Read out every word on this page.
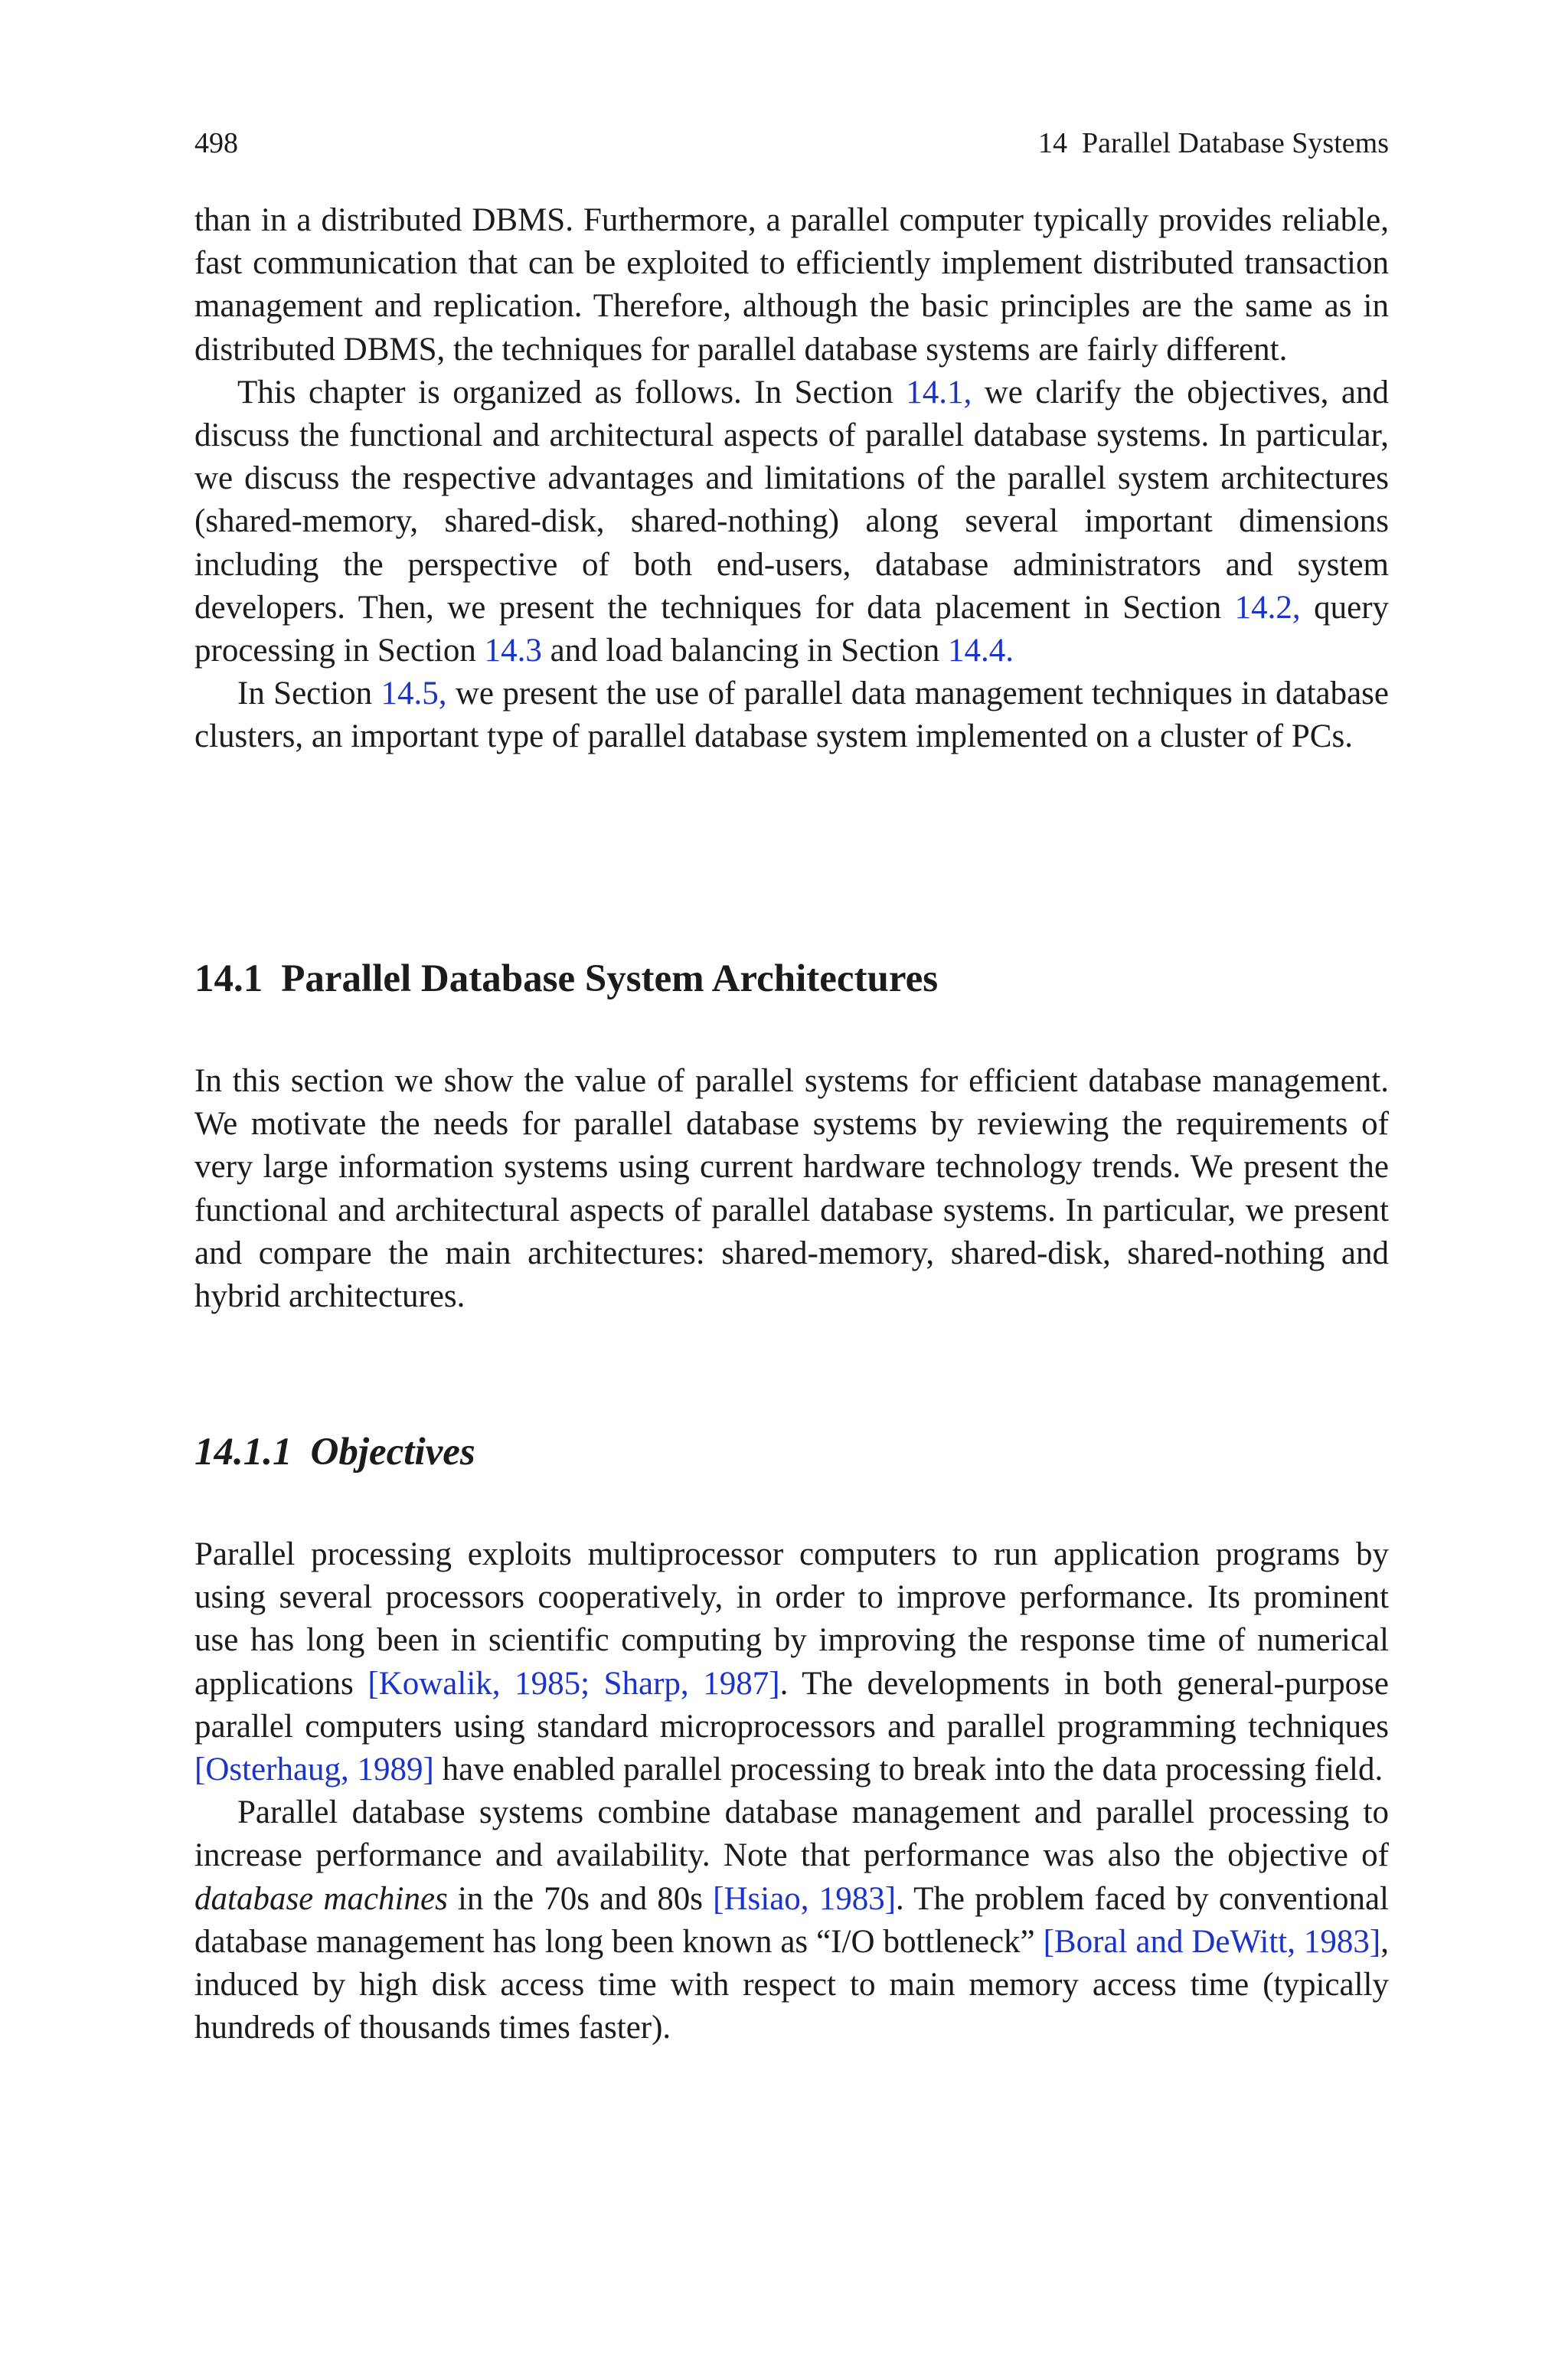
498	14  Parallel Database Systems

than in a distributed DBMS. Furthermore, a parallel computer typically provides reliable, fast communication that can be exploited to efficiently implement distributed transaction management and replication. Therefore, although the basic principles are the same as in distributed DBMS, the techniques for parallel database systems are fairly different.

This chapter is organized as follows. In Section 14.1, we clarify the objectives, and discuss the functional and architectural aspects of parallel database systems. In particular, we discuss the respective advantages and limitations of the parallel system architectures (shared-memory, shared-disk, shared-nothing) along several important dimensions including the perspective of both end-users, database administrators and system developers. Then, we present the techniques for data placement in Section 14.2, query processing in Section 14.3 and load balancing in Section 14.4.

In Section 14.5, we present the use of parallel data management techniques in database clusters, an important type of parallel database system implemented on a cluster of PCs.

14.1 Parallel Database System Architectures

In this section we show the value of parallel systems for efficient database management. We motivate the needs for parallel database systems by reviewing the requirements of very large information systems using current hardware technology trends. We present the functional and architectural aspects of parallel database systems. In particular, we present and compare the main architectures: shared-memory, shared-disk, shared-nothing and hybrid architectures.

14.1.1 Objectives

Parallel processing exploits multiprocessor computers to run application programs by using several processors cooperatively, in order to improve performance. Its prominent use has long been in scientific computing by improving the response time of numerical applications [Kowalik, 1985; Sharp, 1987]. The developments in both general-purpose parallel computers using standard microprocessors and parallel programming techniques [Osterhaug, 1989] have enabled parallel processing to break into the data processing field.

Parallel database systems combine database management and parallel processing to increase performance and availability. Note that performance was also the objective of database machines in the 70s and 80s [Hsiao, 1983]. The problem faced by conventional database management has long been known as “I/O bottleneck” [Boral and DeWitt, 1983], induced by high disk access time with respect to main memory access time (typically hundreds of thousands times faster).
